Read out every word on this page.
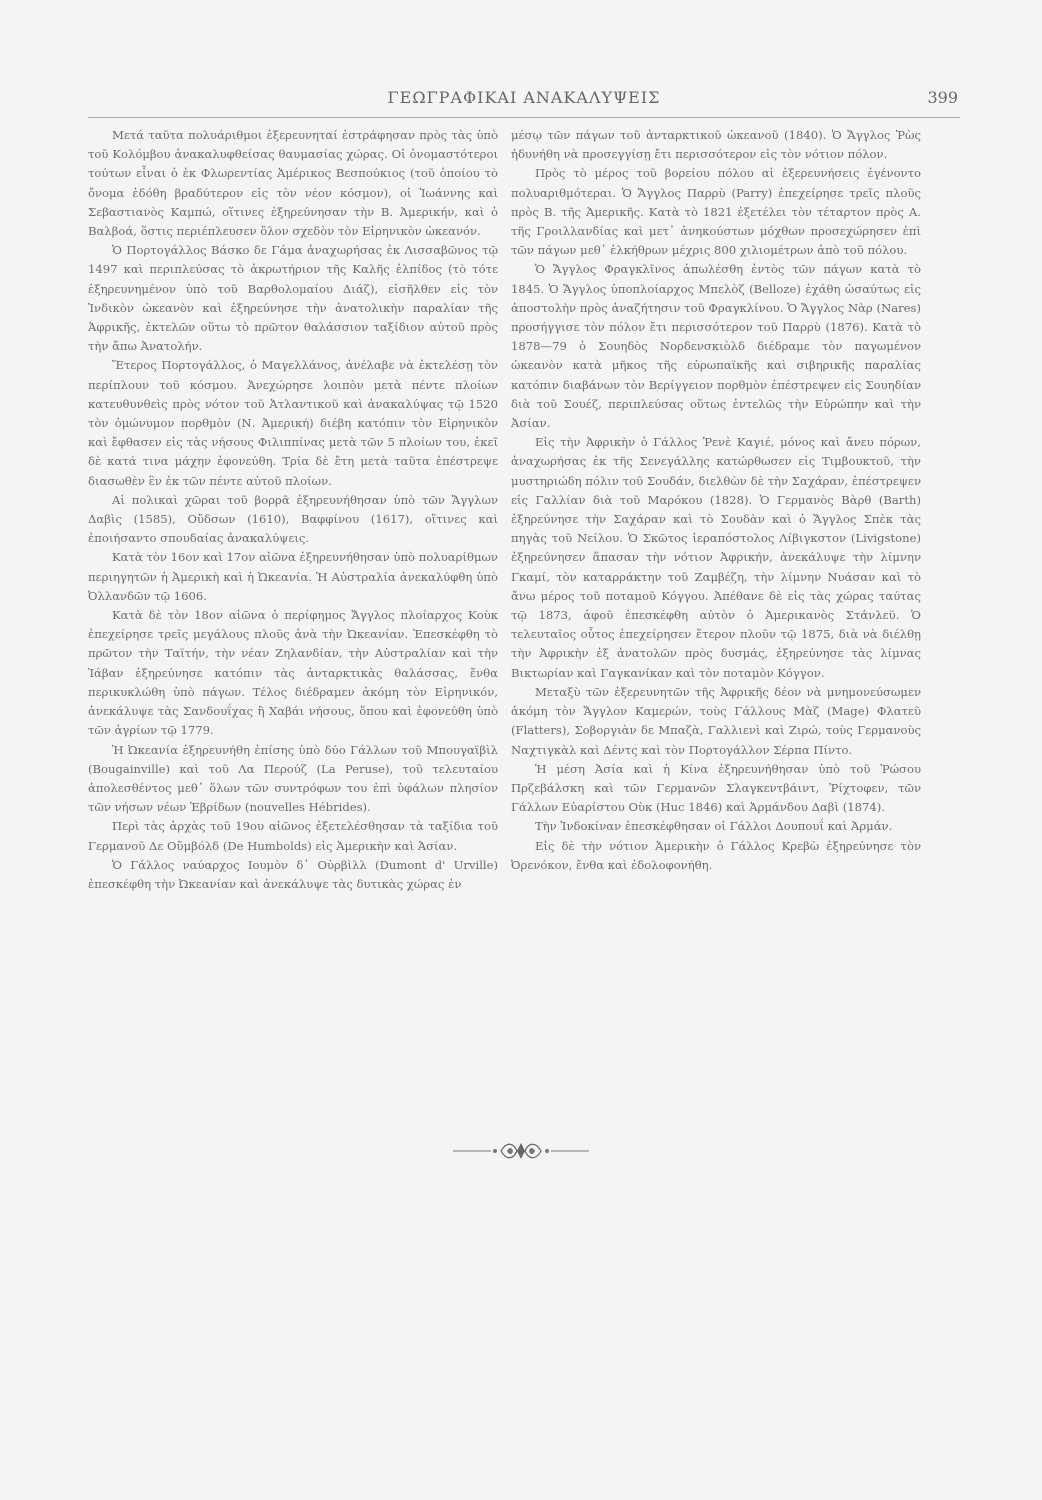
ΓΕΩΓΡΑΦΙΚΑΙ ΑΝΑΚΑΛΥΨΕΙΣ	399

Μετά ταῦτα πολυάριθμοι ἐξερευνηταί ἐστράφησαν πρὸς τὰς ὑπὸ τοῦ Κολόμβου ἀνακαλυφθείσας θαυμασίας χώρας. Οἱ ὀνομαστότεροι τούτων εἶναι ὁ ἐκ Φλωρεντίας Ἀμέρικος Βεσπούκιος (τοῦ ὁποίου τὸ ὄνομα ἐδόθη βραδύτερον εἰς τὸν νέον κόσμον), οἱ Ἰωάννης καὶ Σεβαστιανὸς Καμπώ, οἵτινες ἐξηρεύνησαν τὴν Β. Ἀμερικήν, καὶ ὁ Βαλβοά, ὅστις περιέπλευσεν ὅλον σχεδὸν τὸν Εἰρηνικὸν ὠκεανόν.

Ὁ Πορτογάλλος Βάσκο δε Γάμα ἀναχωρήσας ἐκ Λισσαβῶνος τῷ 1497 καὶ περιπλεύσας τὸ ἀκρωτήριον τῆς Καλῆς ἐλπίδος (τὸ τότε ἐξηρευνημένον ὑπὸ τοῦ Βαρθολομαίου Διάζ), εἰσῆλθεν εἰς τὸν Ἰνδικὸν ὠκεανὸν καὶ ἐξηρεύνησε τὴν ἀνατολικὴν παραλίαν τῆς Ἀφρικῆς, ἐκτελῶν οὕτω τὸ πρῶτον θαλάσσιον ταξίδιον αὐτοῦ πρὸς τὴν ἄπω Ἀνατολήν.

Ἕτερος Πορτογάλλος, ὁ Μαγελλάνος, ἀνέλαβε νὰ ἐκτελέσῃ τὸν περίπλουν τοῦ κόσμου. Ἀνεχώρησε λοιπὸν μετὰ πέντε πλοίων κατευθυνθεὶς πρὸς νότον τοῦ Ἀτλαντικοῦ καὶ ἀνακαλύψας τῷ 1520 τὸν ὁμώνυμον πορθμὸν (Ν. Ἀμερική) διέβη κατόπιν τὸν Εἰρηνικὸν καὶ ἔφθασεν εἰς τὰς νήσους Φιλιππίνας μετὰ τῶν 5 πλοίων του, ἐκεῖ δὲ κατά τινα μάχην ἐφονεύθη. Τρία δὲ ἔτη μετὰ ταῦτα ἐπέστρεψε διασωθὲν ἓν ἐκ τῶν πέντε αὐτοῦ πλοίων.

Αἱ πολικαὶ χῶραι τοῦ βορρᾶ ἐξηρευνήθησαν ὑπὸ τῶν Ἄγγλων Δαβὶς (1585), Οὔδσων (1610), Βαφφίνου (1617), οἵτινες καὶ ἐποιήσαντο σπουδαίας ἀνακαλύψεις.

Κατὰ τὸν 16ον καὶ 17ον αἰῶνα ἐξηρευνήθησαν ὑπὸ πολυαρίθμων περιηγητῶν ἡ Ἀμερικὴ καὶ ἡ Ὠκεανία. Ἡ Αὐστραλία ἀνεκαλύφθη ὑπὸ Ὀλλανδῶν τῷ 1606.

Κατὰ δὲ τὸν 18ον αἰῶνα ὁ περίφημος Ἄγγλος πλοίαρχος Κοὺκ ἐπεχείρησε τρεῖς μεγάλους πλοῦς ἀνὰ τὴν Ὠκεανίαν. Ἐπεσκέφθη τὸ πρῶτον τὴν Ταϊτήν, τὴν νέαν Ζηλανδίαν, τὴν Αὐστραλίαν καὶ τὴν Ἰάβαν ἐξηρεύνησε κατόπιν τὰς ἀνταρκτικὰς θαλάσσας, ἔνθα περικυκλώθη ὑπὸ πάγων. Τέλος διέδραμεν ἀκόμη τὸν Εἰρηνικόν, ἀνεκάλυψε τὰς Σανδουΐχας ἢ Χαβάι νήσους, ὅπου καὶ ἐφονεύθη ὑπὸ τῶν ἀγρίων τῷ 1779.

Ἡ Ὠκεανία ἐξηρευνήθη ἐπίσης ὑπὸ δύο Γάλλων τοῦ Μπουγαϊβὶλ (Bougainville) καὶ τοῦ Λα Περούζ (La Peruse), τοῦ τελευταίου ἀπολεσθέντος μεθ᾽ ὅλων τῶν συντρόφων του ἐπὶ ὑφάλων πλησίον τῶν νήσων νέων Ἑβρίδων (nouvelles Hébrides).

Περὶ τὰς ἀρχὰς τοῦ 19ου αἰῶνος ἐξετελέσθησαν τὰ ταξίδια τοῦ Γερμανοῦ Δε Οὔμβόλδ (De Humbolds) εἰς Ἀμερικὴν καὶ Ἀσίαν.

Ὁ Γάλλος ναύαρχος Ιουμὸν δ᾽ Οὐρβὶλλ (Dumont d' Urville) ἐπεσκέφθη τὴν Ὠκεανίαν καὶ ἀνεκάλυψε τὰς δυτικὰς χώρας ἐν

μέσῳ τῶν πάγων τοῦ ἀνταρκτικοῦ ὠκεανοῦ (1840). Ὁ Ἄγγλος Ῥὼς ἠδυνήθη νὰ προσεγγίσῃ ἔτι περισσότερον εἰς τὸν νότιον πόλον.

Πρὸς τὸ μέρος τοῦ βορείου πόλου αἱ ἐξερευνήσεις ἐγένοντο πολυαριθμότεραι. Ὁ Ἄγγλος Παρρὺ (Parry) ἐπεχείρησε τρεῖς πλοῦς πρὸς Β. τῆς Ἀμερικῆς. Κατὰ τὸ 1821 ἐξετέλει τὸν τέταρτον πρὸς Α. τῆς Γροιλλανδίας καὶ μετ᾽ ἀνηκούστων μόχθων προσεχώρησεν ἐπὶ τῶν πάγων μεθ᾽ ἑλκήθρων μέχρις 800 χιλιομέτρων ἀπὸ τοῦ πόλου.

Ὁ Ἄγγλος Φραγκλῖνος ἀπωλέσθη ἐντὸς τῶν πάγων κατὰ τὸ 1845. Ὁ Ἄγγλος ὑποπλοίαρχος Μπελὸζ (Belloze) ἐχάθη ὡσαύτως εἰς ἀποστολὴν πρὸς ἀναζήτησιν τοῦ Φραγκλίνου. Ὁ Ἄγγλος Νὰρ (Nares) προσήγγισε τὸν πόλον ἔτι περισσότερον τοῦ Παρρὺ (1876). Κατὰ τὸ 1878—79 ὁ Σουηδὸς Νορδενσκιὸλδ διέδραμε τὸν παγωμένον ὠκεανὸν κατὰ μῆκος τῆς εὐρωπαϊκῆς καὶ σιβηρικῆς παραλίας κατόπιν διαβάνων τὸν Βερίγγειον πορθμὸν ἐπέστρεψεν εἰς Σουηδίαν διὰ τοῦ Σουέζ, περιπλεύσας οὕτως ἐντελῶς τὴν Εὐρώπην καὶ τὴν Ἀσίαν.

Εἰς τὴν Ἀφρικὴν ὁ Γάλλος Ῥενὲ Καγιέ, μόνος καὶ ἄνευ πόρων, ἀναχωρήσας ἐκ τῆς Σενεγάλλης κατώρθωσεν εἰς Τιμβουκτοῦ, τὴν μυστηριώδη πόλιν τοῦ Σουδάν, διελθὼν δὲ τὴν Σαχάραν, ἐπέστρεψεν εἰς Γαλλίαν διὰ τοῦ Μαρόκου (1828). Ὁ Γερμανὸς Βὰρθ (Barth) ἐξηρεύνησε τὴν Σαχάραν καὶ τὸ Σουδὰν καὶ ὁ Ἄγγλος Σπὲκ τὰς πηγὰς τοῦ Νείλου. Ὁ Σκῶτος ἱεραπόστολος Λίβιγκστον (Livigstone) ἐξηρεύνησεν ἅπασαν τὴν νότιον Ἀφρικήν, ἀνεκάλυψε τὴν λίμνην Γκαμί, τὸν καταρράκτην τοῦ Ζαμβέζη, τὴν λίμνην Νυάσαν καὶ τὸ ἄνω μέρος τοῦ ποταμοῦ Κόγγου. Ἀπέθανε δὲ εἰς τὰς χώρας ταύτας τῷ 1873, ἀφοῦ ἐπεσκέφθη αὐτὸν ὁ Ἀμερικανὸς Στάνλεϋ. Ὁ τελευταῖος οὗτος ἐπεχείρησεν ἕτερον πλοῦν τῷ 1875, διὰ νὰ διέλθῃ τὴν Ἀφρικὴν ἐξ ἀνατολῶν πρὸς δυσμάς, ἐξηρεύνησε τὰς λίμνας Βικτωρίαν καὶ Γαγκανίκαν καὶ τὸν ποταμὸν Κόγγον.

Μεταξὺ τῶν ἐξερευνητῶν τῆς Ἀφρικῆς δέον νὰ μνημονεύσωμεν ἀκόμη τὸν Ἄγγλον Καμερών, τοὺς Γάλλους Μὰζ (Mage) Φλατεῦ (Flatters), Σοβοργιὰν δε Μπαζὰ, Γαλλιενὶ καὶ Ζιρώ, τοὺς Γερμανοὺς Ναχτιγκὰλ καὶ Δέντς καὶ τὸν Πορτογάλλον Σέρπα Πίντο.

Ἡ μέση Ἀσία καὶ ἡ Κίνα ἐξηρευνήθησαν ὑπὸ τοῦ Ῥώσου Πρζεβάλσκη καὶ τῶν Γερμανῶν Σλαγκεντβάιντ, Ῥίχτοφεν, τῶν Γάλλων Εὐαρίστου Οὺκ (Huc 1846) καὶ Ἀρμάνδου Δαβὶ (1874).

Τὴν Ἰνδοκίναν ἐπεσκέφθησαν οἱ Γάλλοι Δουπουΐ καὶ Ἀρμάν.

Εἰς δὲ τὴν νότιον Ἀμερικὴν ὁ Γάλλος Κρεβὼ ἐξηρεύνησε τὸν Ὀρενόκον, ἔνθα καὶ ἐδολοφονήθη.
